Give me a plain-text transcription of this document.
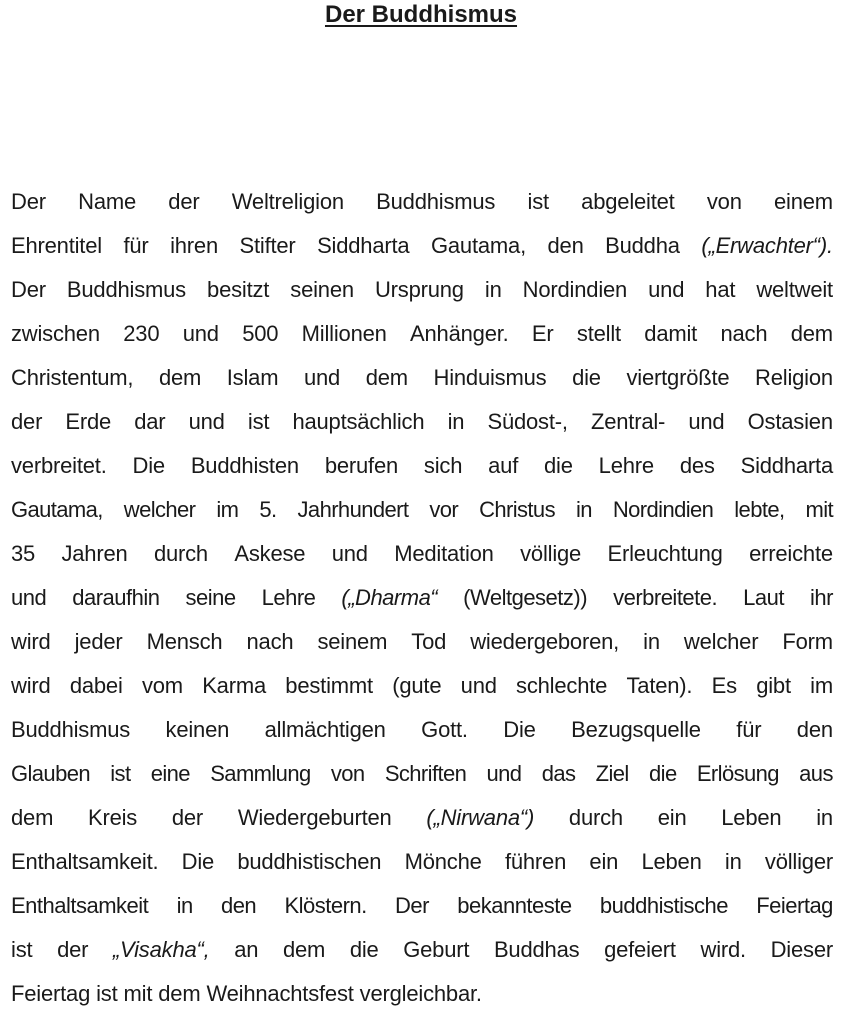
Der Buddhismus
Der Name der Weltreligion Buddhismus ist abgeleitet von einem
Ehrentitel für ihren Stifter Siddharta Gautama, den Buddha („Erwachter“).
Der Buddhismus besitzt seinen Ursprung in Nordindien und hat weltweit
zwischen 230 und 500 Millionen Anhänger. Er stellt damit nach dem
Christentum, dem Islam und dem Hinduismus die viertgrößte Religion
der Erde dar und ist hauptsächlich in Südost-, Zentral- und Ostasien
verbreitet. Die Buddhisten berufen sich auf die Lehre des Siddharta
Gautama, welcher im 5. Jahrhundert vor Christus in Nordindien lebte, mit
35 Jahren durch Askese und Meditation völlige Erleuchtung erreichte
und daraufhin seine Lehre („Dharma“ (Weltgesetz)) verbreitete. Laut ihr
wird jeder Mensch nach seinem Tod wiedergeboren, in welcher Form
wird dabei vom Karma bestimmt (gute und schlechte Taten). Es gibt im
Buddhismus keinen allmächtigen Gott. Die Bezugsquelle für den
Glauben ist eine Sammlung von Schriften und das Ziel die Erlösung aus
dem Kreis der Wiedergeburten („Nirwana“) durch ein Leben in
Enthaltsamkeit. Die buddhistischen Mönche führen ein Leben in völliger
Enthaltsamkeit in den Klöstern. Der bekannteste buddhistische Feiertag
ist der „Visakha“, an dem die Geburt Buddhas gefeiert wird. Dieser
Feiertag ist mit dem Weihnachtsfest vergleichbar.
